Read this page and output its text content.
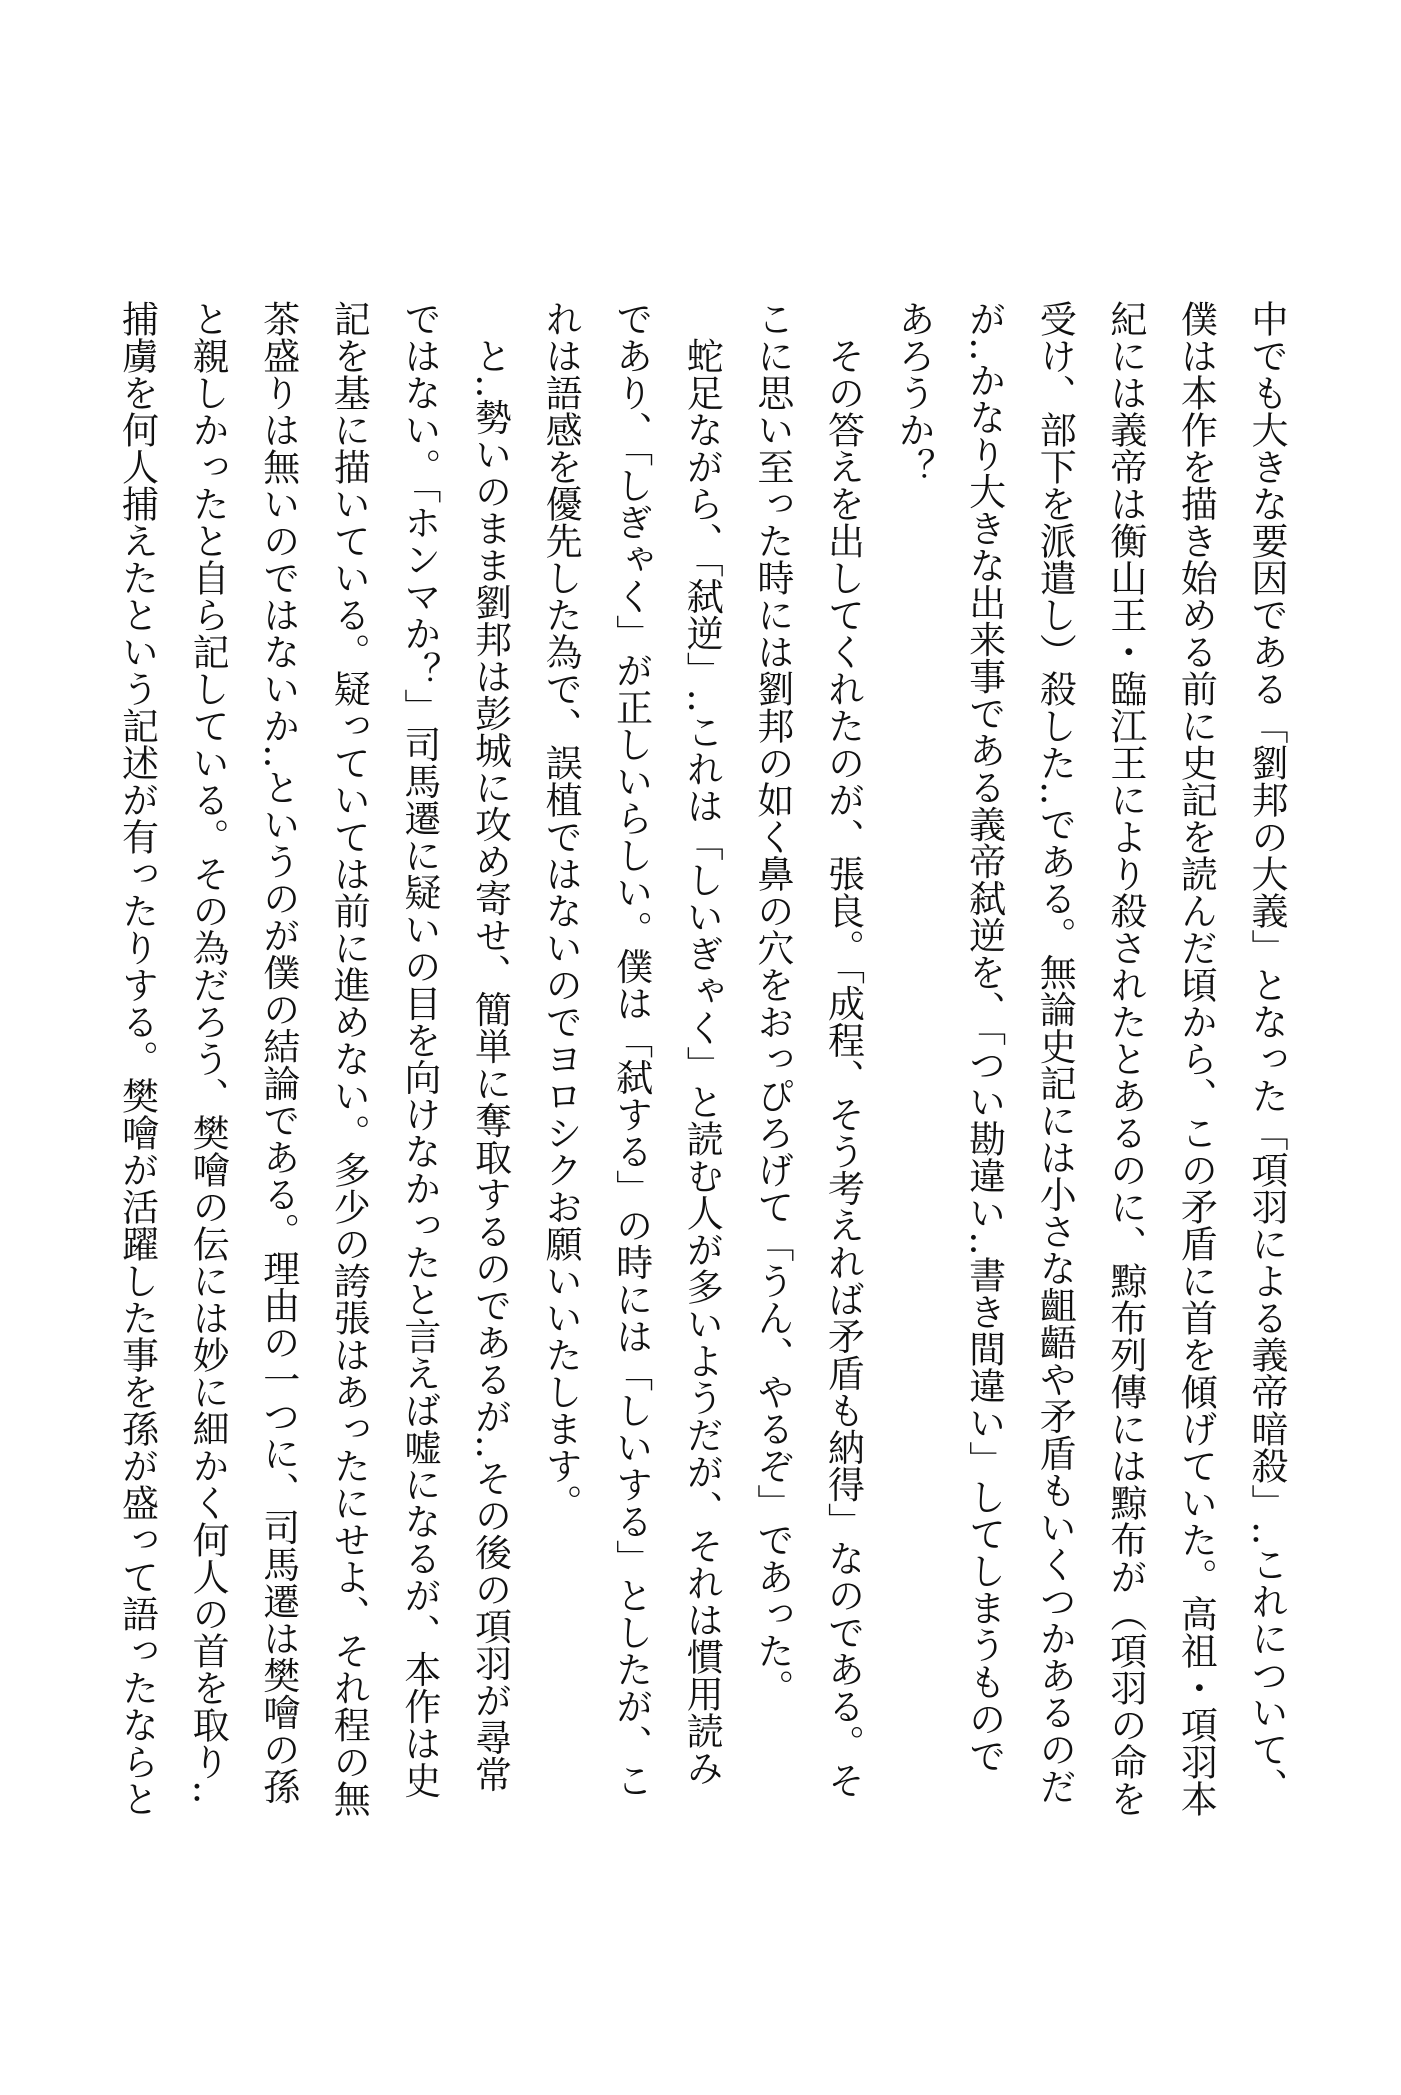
中でも大きな要因である「劉邦の大義」となった「項羽による義帝暗殺」‥これについて、
僕は本作を描き始める前に史記を読んだ頃から、この矛盾に首を傾げていた。高祖・項羽本
紀には義帝は衡山王・臨江王により殺されたとあるのに、黥布列傳には黥布が（項羽の命を
受け、部下を派遣し）殺した‥である。無論史記には小さな齟齬や矛盾もいくつかあるのだ
が‥かなり大きな出来事である義帝弑逆を、「つい勘違い‥書き間違い」してしまうもので
あろうか？
　その答えを出してくれたのが、張良。「成程、そう考えれば矛盾も納得」なのである。そ
こに思い至った時には劉邦の如く鼻の穴をおっぴろげて「うん、やるぞ」であった。
　蛇足ながら、「弑逆」‥これは「しいぎゃく」と読む人が多いようだが、それは慣用読み
であり、「しぎゃく」が正しいらしい。僕は「弑する」の時には「しいする」としたが、こ
れは語感を優先した為で、誤植ではないのでヨロシクお願いいたします。
　と‥勢いのまま劉邦は彭城に攻め寄せ、簡単に奪取するのであるが‥その後の項羽が尋常
ではない。「ホンマか？」司馬遷に疑いの目を向けなかったと言えば嘘になるが、本作は史
記を基に描いている。疑っていては前に進めない。多少の誇張はあったにせよ、それ程の無
茶盛りは無いのではないか‥というのが僕の結論である。理由の一つに、司馬遷は樊噲の孫
と親しかったと自ら記している。その為だろう、樊噲の伝には妙に細かく何人の首を取り‥
捕虜を何人捕えたという記述が有ったりする。樊噲が活躍した事を孫が盛って語ったならと
